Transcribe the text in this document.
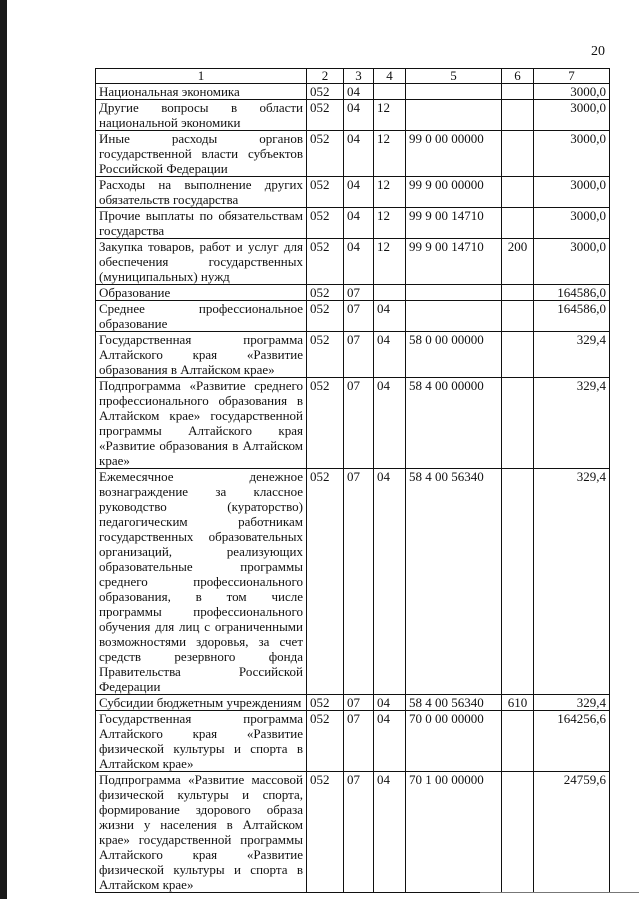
20
1	2	3	4	5	6	7
Национальная экономика	052	04				3000,0
Другие вопросы в области национальной экономики	052	04	12			3000,0
Иные расходы органов государственной власти субъектов Российской Федерации	052	04	12	99 0 00 00000		3000,0
Расходы на выполнение других обязательств государства	052	04	12	99 9 00 00000		3000,0
Прочие выплаты по обязательствам государства	052	04	12	99 9 00 14710		3000,0
Закупка товаров, работ и услуг для обеспечения государственных (муниципальных) нужд	052	04	12	99 9 00 14710	200	3000,0
Образование	052	07				164586,0
Среднее профессиональное образование	052	07	04			164586,0
Государственная программа Алтайского края «Развитие образования в Алтайском крае»	052	07	04	58 0 00 00000		329,4
Подпрограмма «Развитие среднего профессионального образования в Алтайском крае» государственной программы Алтайского края «Развитие образования в Алтайском крае»	052	07	04	58 4 00 00000		329,4
Ежемесячное денежное вознаграждение за классное руководство (кураторство) педагогическим работникам государственных образовательных организаций, реализующих образовательные программы среднего профессионального образования, в том числе программы профессионального обучения для лиц с ограниченными возможностями здоровья, за счет средств резервного фонда Правительства Российской Федерации	052	07	04	58 4 00 56340		329,4
Субсидии бюджетным учреждениям	052	07	04	58 4 00 56340	610	329,4
Государственная программа Алтайского края «Развитие физической культуры и спорта в Алтайском крае»	052	07	04	70 0 00 00000		164256,6
Подпрограмма «Развитие массовой физической культуры и спорта, формирование здорового образа жизни у населения в Алтайском крае» государственной программы Алтайского края «Развитие физической культуры и спорта в Алтайском крае»	052	07	04	70 1 00 00000		24759,6
